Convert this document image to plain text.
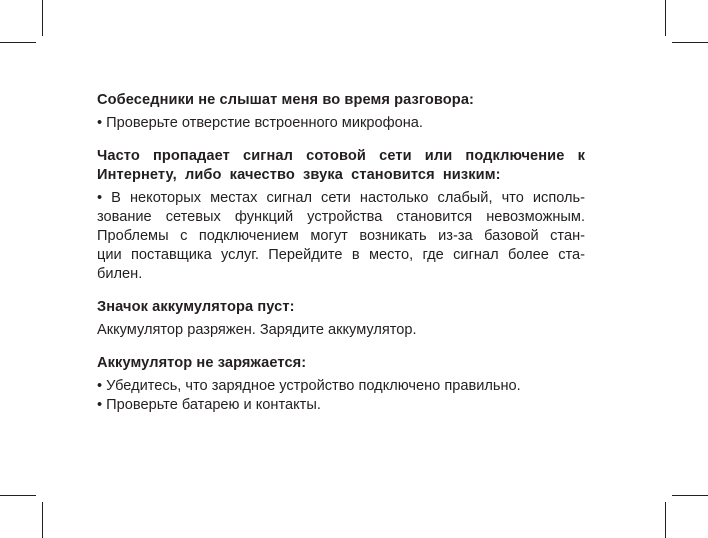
Собеседники не слышат меня во время разговора:
• Проверьте отверстие встроенного микрофона.
Часто пропадает сигнал сотовой сети или подключение к
Интернету, либо качество звука становится низким:
• В некоторых местах сигнал сети настолько слабый, что исполь-
зование сетевых функций устройства становится невозможным.
Проблемы с подключением могут возникать из-за базовой стан-
ции поставщика услуг. Перейдите в место, где сигнал более ста-
билен.
Значок аккумулятора пуст:
Аккумулятор разряжен. Зарядите аккумулятор.
Аккумулятор не заряжается:
• Убедитесь, что зарядное устройство подключено правильно.
• Проверьте батарею и контакты.
